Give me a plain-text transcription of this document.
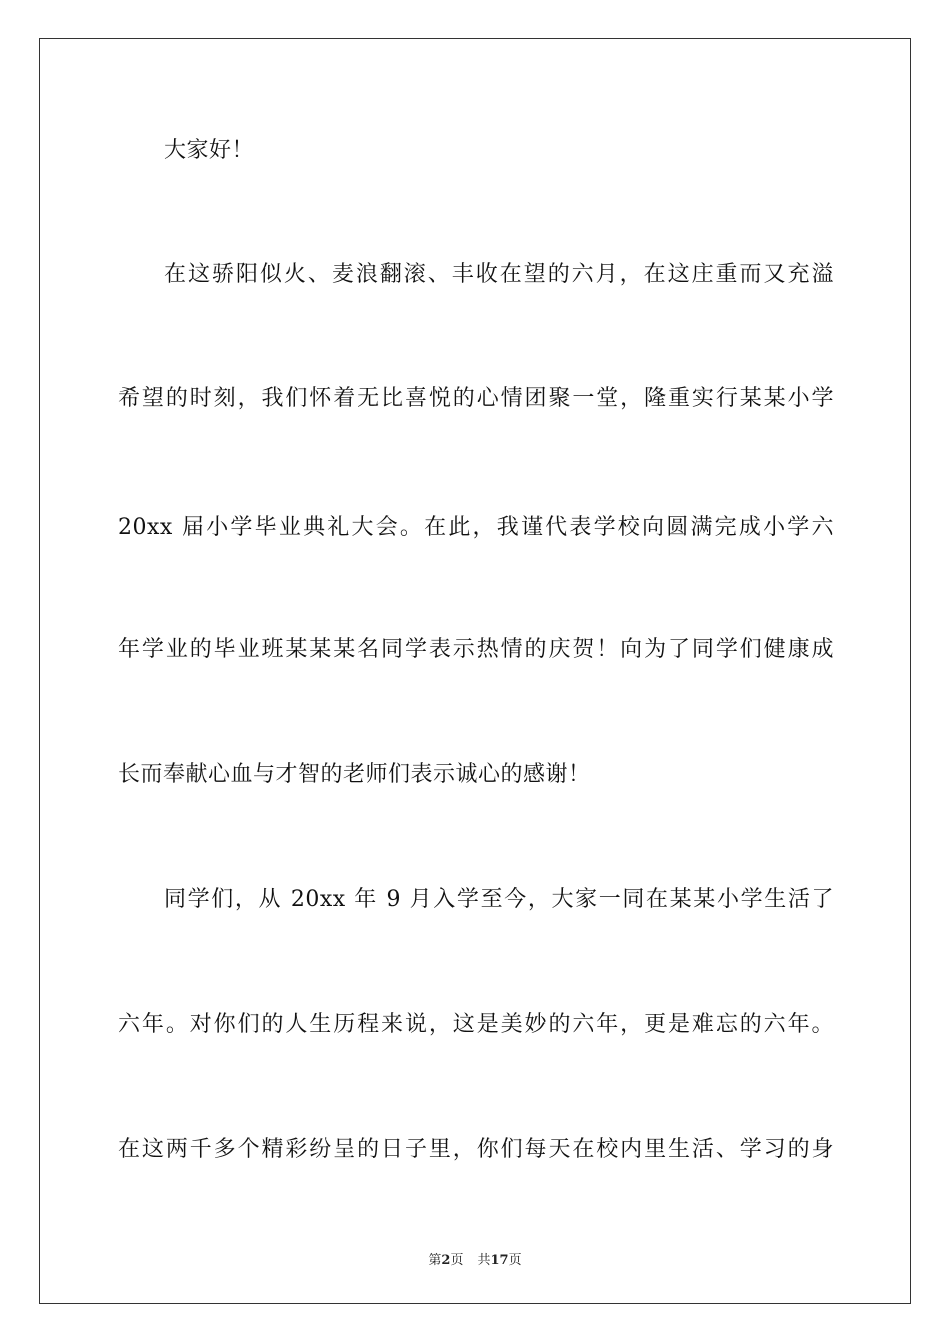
大家好！
在这骄阳似火、麦浪翻滚、丰收在望的六月，在这庄重而又充溢
希望的时刻，我们怀着无比喜悦的心情团聚一堂，隆重实行某某小学
20xx 届小学毕业典礼大会。在此，我谨代表学校向圆满完成小学六
年学业的毕业班某某某名同学表示热情的庆贺！向为了同学们健康成
长而奉献心血与才智的老师们表示诚心的感谢！
同学们，从 20xx 年 9 月入学至今，大家一同在某某小学生活了
六年。对你们的人生历程来说，这是美妙的六年，更是难忘的六年。
在这两千多个精彩纷呈的日子里，你们每天在校内里生活、学习的身
第2页 共17页
